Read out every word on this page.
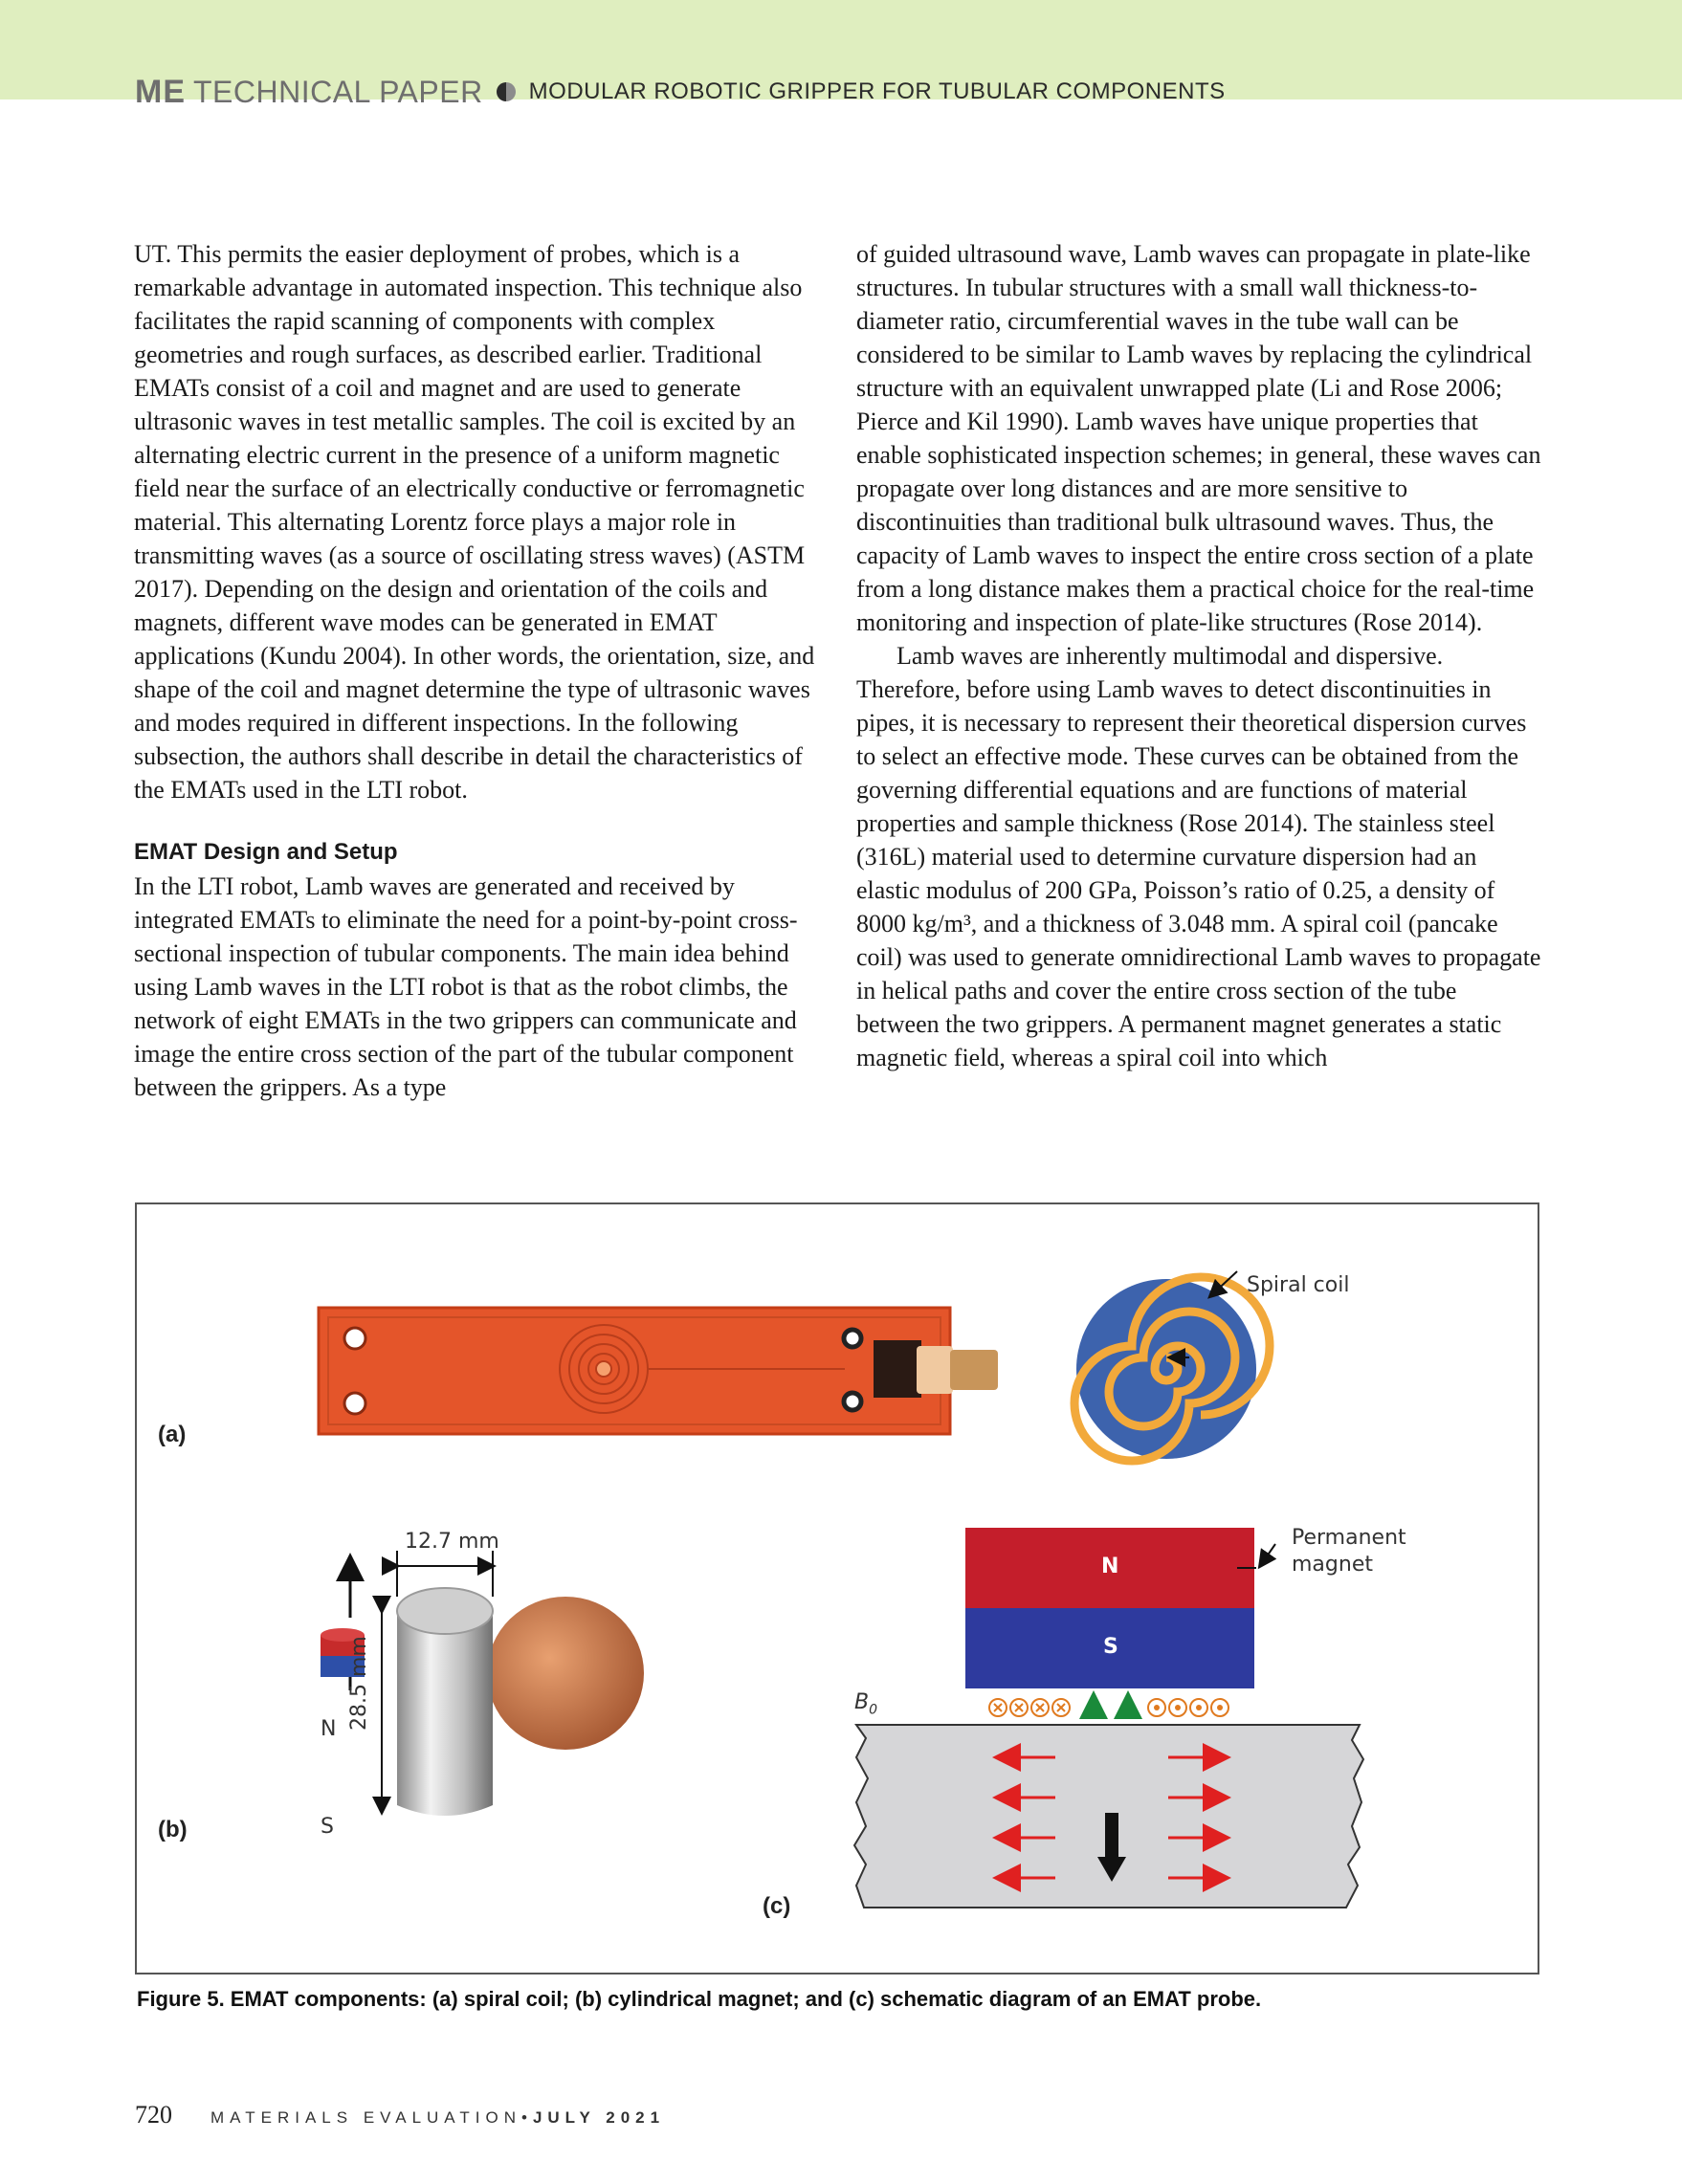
ME TECHNICAL PAPER MODULAR ROBOTIC GRIPPER FOR TUBULAR COMPONENTS

UT. This permits the easier deployment of probes, which is a remarkable advantage in automated inspection. This technique also facilitates the rapid scanning of components with complex geometries and rough surfaces, as described earlier. Traditional EMATs consist of a coil and magnet and are used to generate ultrasonic waves in test metallic samples. The coil is excited by an alternating electric current in the presence of a uniform magnetic field near the surface of an electrically conductive or ferromagnetic material. This alternating Lorentz force plays a major role in transmitting waves (as a source of oscillating stress waves) (ASTM 2017). Depending on the design and orientation of the coils and magnets, different wave modes can be generated in EMAT applications (Kundu 2004). In other words, the orientation, size, and shape of the coil and magnet determine the type of ultrasonic waves and modes required in different inspections. In the following subsection, the authors shall describe in detail the characteristics of the EMATs used in the LTI robot.

EMAT Design and Setup

In the LTI robot, Lamb waves are generated and received by integrated EMATs to eliminate the need for a point-by-point cross-sectional inspection of tubular components. The main idea behind using Lamb waves in the LTI robot is that as the robot climbs, the network of eight EMATs in the two grippers can communicate and image the entire cross section of the part of the tubular component between the grippers. As a type

of guided ultrasound wave, Lamb waves can propagate in plate-like structures. In tubular structures with a small wall thickness-to-diameter ratio, circumferential waves in the tube wall can be considered to be similar to Lamb waves by replacing the cylindrical structure with an equivalent unwrapped plate (Li and Rose 2006; Pierce and Kil 1990). Lamb waves have unique properties that enable sophisticated inspection schemes; in general, these waves can propagate over long distances and are more sensitive to discontinuities than traditional bulk ultrasound waves. Thus, the capacity of Lamb waves to inspect the entire cross section of a plate from a long distance makes them a practical choice for the real-time monitoring and inspection of plate-like structures (Rose 2014).

Lamb waves are inherently multimodal and dispersive. Therefore, before using Lamb waves to detect discontinuities in pipes, it is necessary to represent their theoretical dispersion curves to select an effective mode. These curves can be obtained from the governing differential equations and are functions of material properties and sample thickness (Rose 2014). The stainless steel (316L) material used to determine curvature dispersion had an elastic modulus of 200 GPa, Poisson’s ratio of 0.25, a density of 8000 kg/m³, and a thickness of 3.048 mm. A spiral coil (pancake coil) was used to generate omnidirectional Lamb waves to propagate in helical paths and cover the entire cross section of the tube between the two grippers. A permanent magnet generates a static magnetic field, whereas a spiral coil into which

(a)
(b)
(c)
Spiral coil
Permanent
magnet
12.7 mm
28.5 mm
N
S
N
S
$B_0$
Figure 5. EMAT components: (a) spiral coil; (b) cylindrical magnet; and (c) schematic diagram of an EMAT probe.
720 MATERIALS EVALUATION • JULY 2021
